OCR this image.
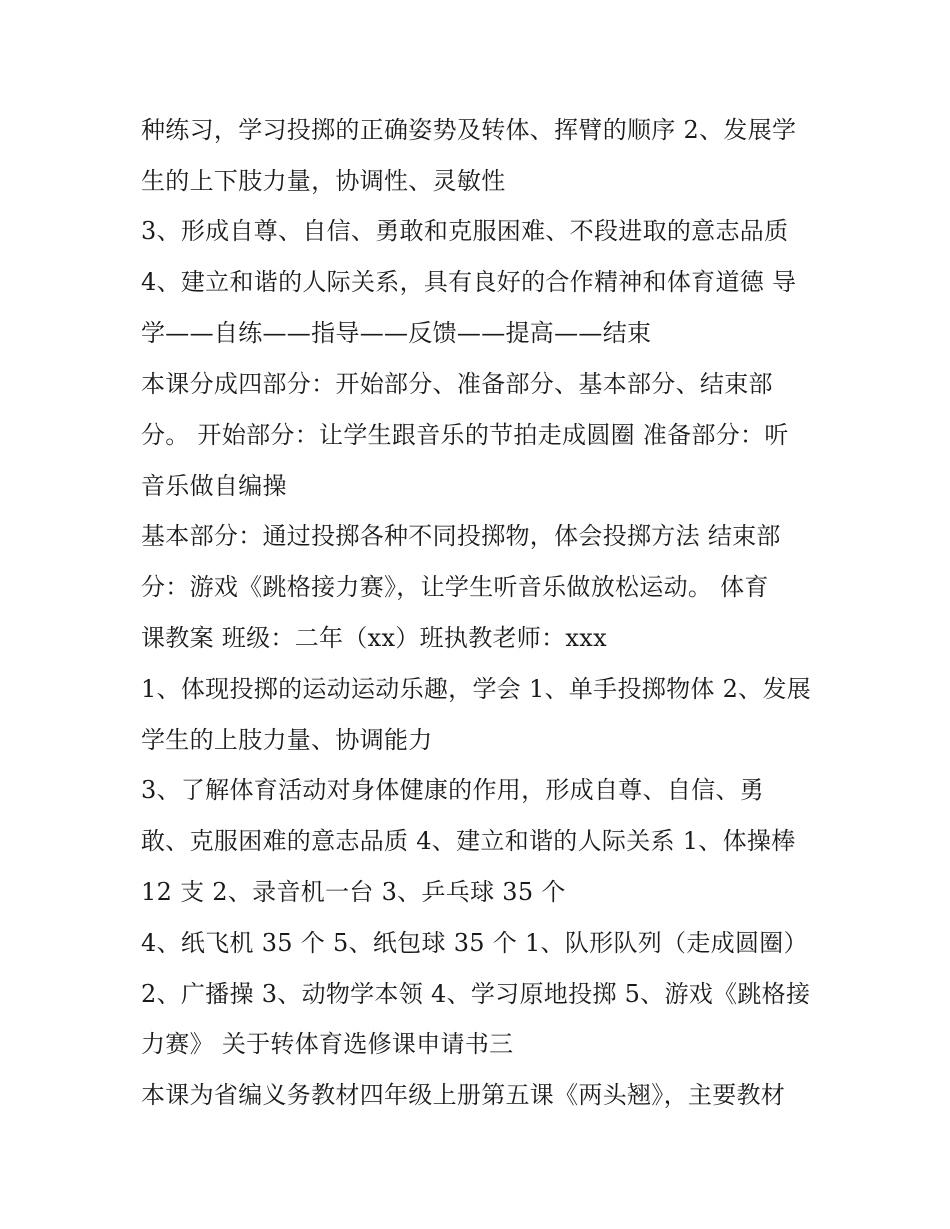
种练习，学习投掷的正确姿势及转体、挥臂的顺序 2、发展学
生的上下肢力量，协调性、灵敏性
3、形成自尊、自信、勇敢和克服困难、不段进取的意志品质
4、建立和谐的人际关系，具有良好的合作精神和体育道德 导
学——自练——指导——反馈——提高——结束
本课分成四部分：开始部分、准备部分、基本部分、结束部
分。 开始部分：让学生跟音乐的节拍走成圆圈 准备部分：听
音乐做自编操
基本部分：通过投掷各种不同投掷物，体会投掷方法 结束部
分：游戏《跳格接力赛》，让学生听音乐做放松运动。 体育
课教案 班级：二年（xx）班执教老师：xxx
1、体现投掷的运动运动乐趣，学会 1、单手投掷物体 2、发展
学生的上肢力量、协调能力
3、了解体育活动对身体健康的作用，形成自尊、自信、勇
敢、克服困难的意志品质 4、建立和谐的人际关系 1、体操棒
12 支 2、录音机一台 3、乒乓球 35 个
4、纸飞机 35 个 5、纸包球 35 个 1、队形队列（走成圆圈）
2、广播操 3、动物学本领 4、学习原地投掷 5、游戏《跳格接
力赛》 关于转体育选修课申请书三
本课为省编义务教材四年级上册第五课《两头翘》，主要教材
